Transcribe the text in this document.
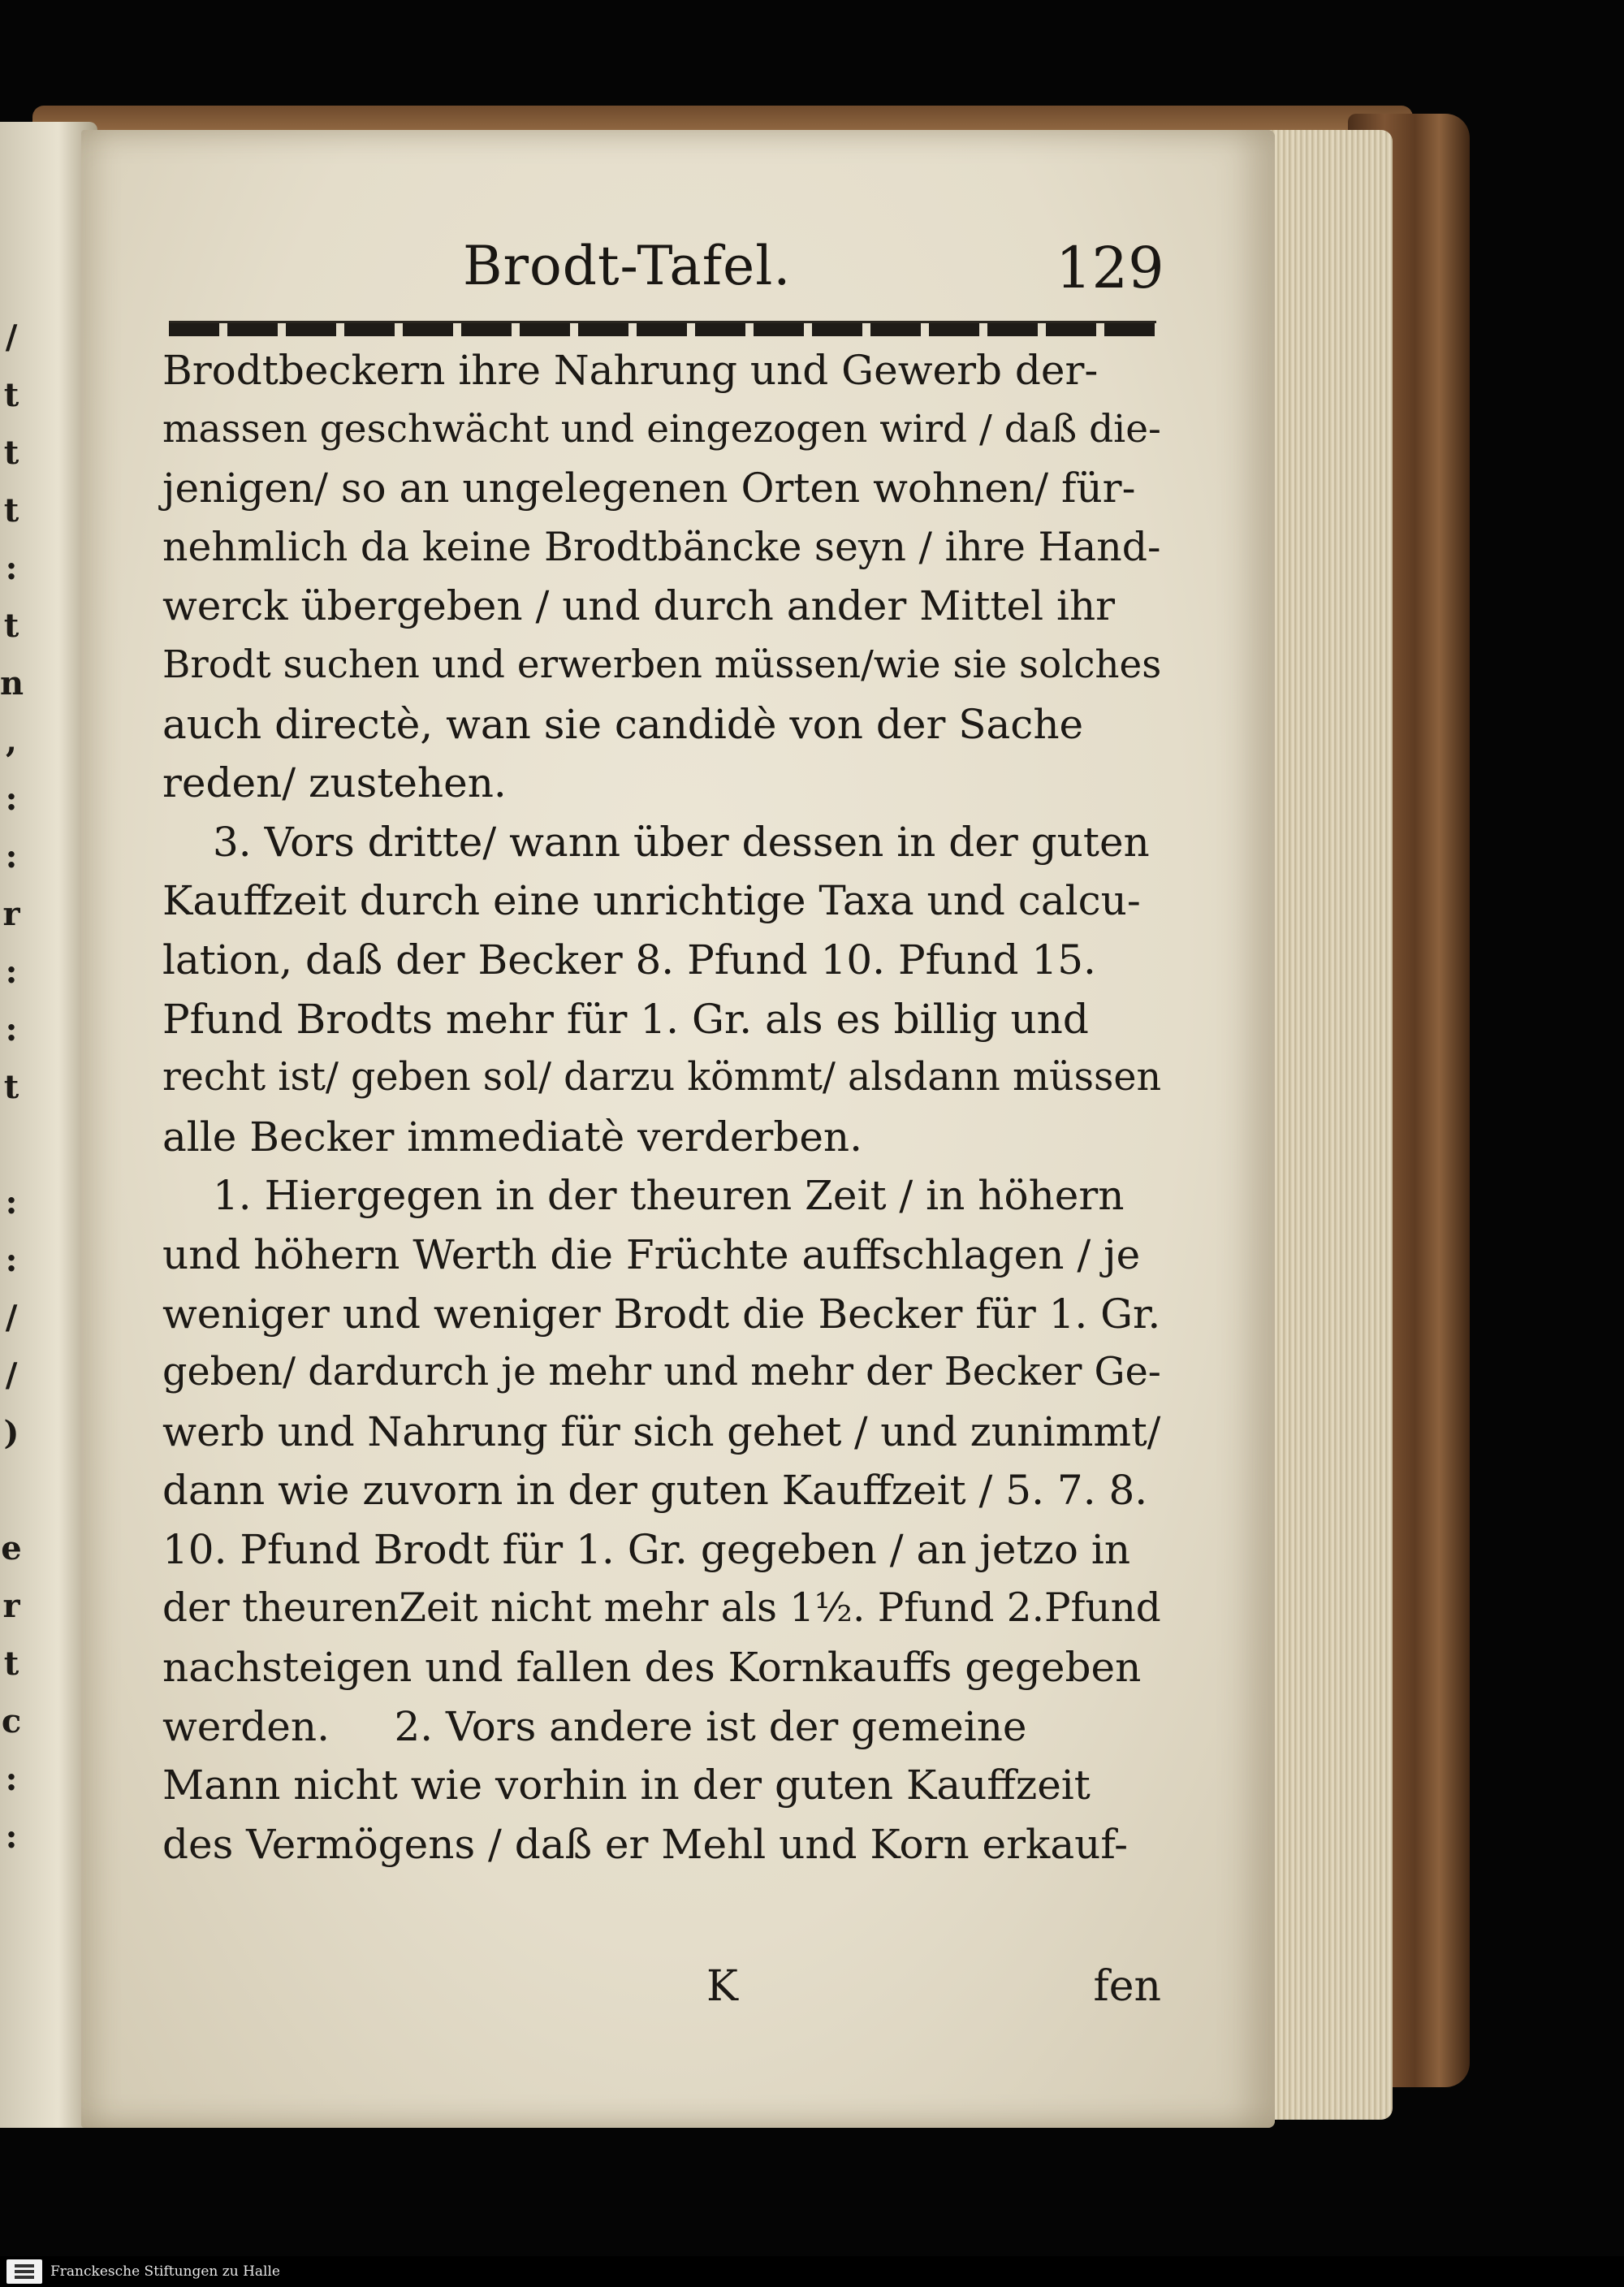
/
t
t
t
:
t
n
,
:
:
r
:
:
t

:
:
/
/
)

e
r
t
c
:
:
Brodt-Tafel.	129
Brodtbeckern ihre Nahrung und Gewerb der-
massen geschwächt und eingezogen wird / daß die-
jenigen/ so an ungelegenen Orten wohnen/ für-
nehmlich da keine Brodtbäncke seyn / ihre Hand-
werck übergeben / und durch ander Mittel ihr
Brodt suchen und erwerben müssen/wie sie solches
auch directè, wan sie candidè von der Sache
reden/ zustehen.
3. Vors dritte/ wann über dessen in der guten
Kauffzeit durch eine unrichtige Taxa und calcu-
lation, daß der Becker 8. Pfund 10. Pfund 15.
Pfund Brodts mehr für 1. Gr. als es billig und
recht ist/ geben sol/ darzu kömmt/ alsdann müssen
alle Becker immediatè verderben.
1. Hiergegen in der theuren Zeit / in höhern
und höhern Werth die Früchte auffschlagen / je
weniger und weniger Brodt die Becker für 1. Gr.
geben/ dardurch je mehr und mehr der Becker Ge-
werb und Nahrung für sich gehet / und zunimmt/
dann wie zuvorn in der guten Kauffzeit / 5. 7. 8.
10. Pfund Brodt für 1. Gr. gegeben / an jetzo in
der theurenZeit nicht mehr als 1½. Pfund 2.Pfund
nachsteigen und fallen des Kornkauffs gegeben
werden.     2. Vors andere ist der gemeine
Mann nicht wie vorhin in der guten Kauffzeit
des Vermögens / daß er Mehl und Korn erkauf-
K	fen
Franckesche Stiftungen zu Halle
